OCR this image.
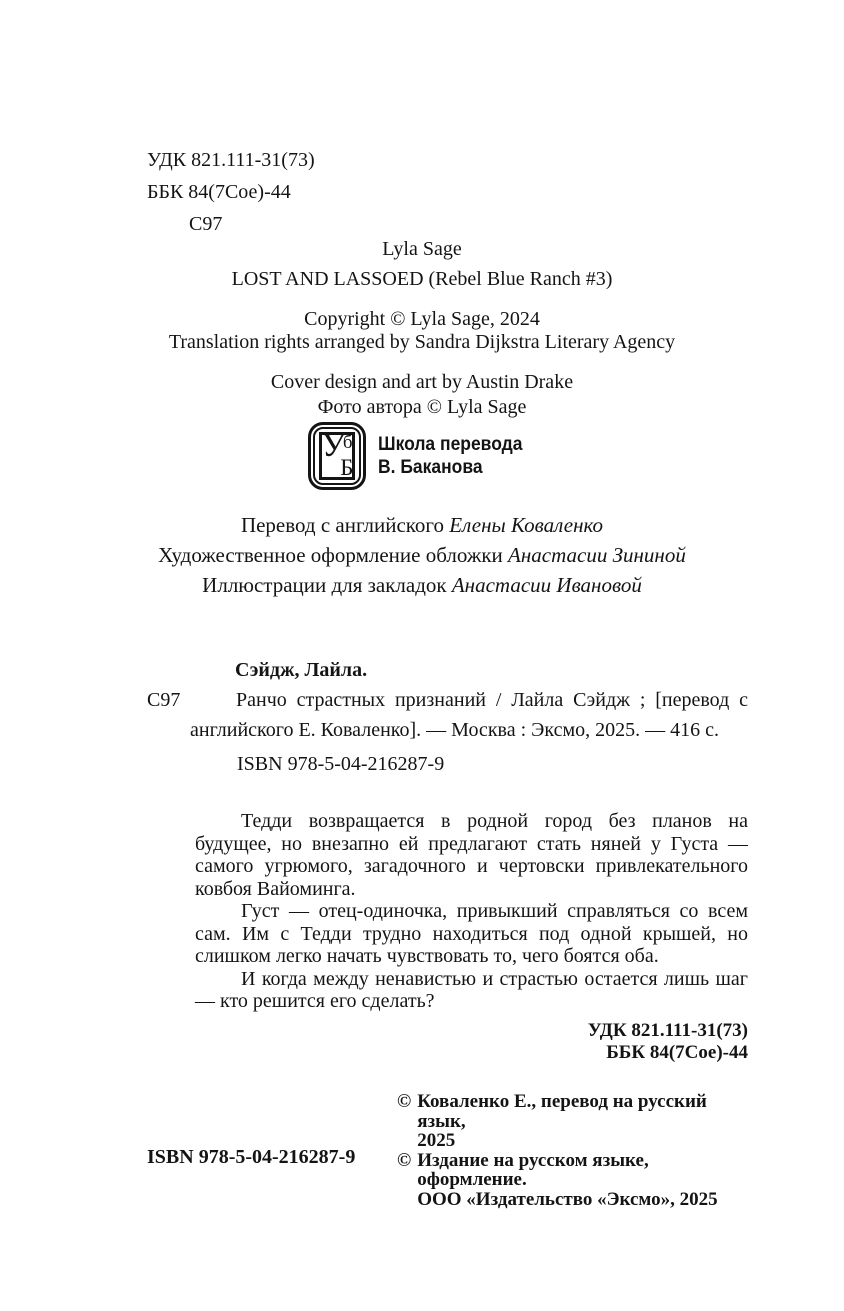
УДК 821.111-31(73)
ББК 84(7Сое)-44
С97
Lyla Sage
LOST AND LASSOED (Rebel Blue Ranch #3)
Copyright © Lyla Sage, 2024
Translation rights arranged by Sandra Dijkstra Literary Agency
Cover design and art by Austin Drake
Фото автора © Lyla Sage
У
б
Б
Школа перевода
В. Баканова
Перевод с английского Елены Коваленко
Художественное оформление обложки Анастасии Зининой
Иллюстрации для закладок Анастасии Ивановой
Сэйдж, Лайла.
С97	Ранчо страстных признаний / Лайла Сэйдж ; [перевод с английского Е. Коваленко]. — Москва : Эксмо, 2025. — 416 с.
ISBN 978-5-04-216287-9

Тедди возвращается в родной город без планов на будущее, но внезапно ей предлагают стать няней у Густа — самого угрюмого, загадочного и чертовски привлекательного ковбоя Вайоминга.

Густ — отец-одиночка, привыкший справляться со всем сам. Им с Тедди трудно находиться под одной крышей, но слишком легко начать чувствовать то, чего боятся оба.

И когда между ненавистью и страстью остается лишь шаг — кто решится его сделать?

УДК 821.111-31(73)
ББК 84(7Сое)-44
ISBN 978-5-04-216287-9
© Коваленко Е., перевод на русский язык,
2025
© Издание на русском языке, оформление.
ООО «Издательство «Эксмо», 2025
